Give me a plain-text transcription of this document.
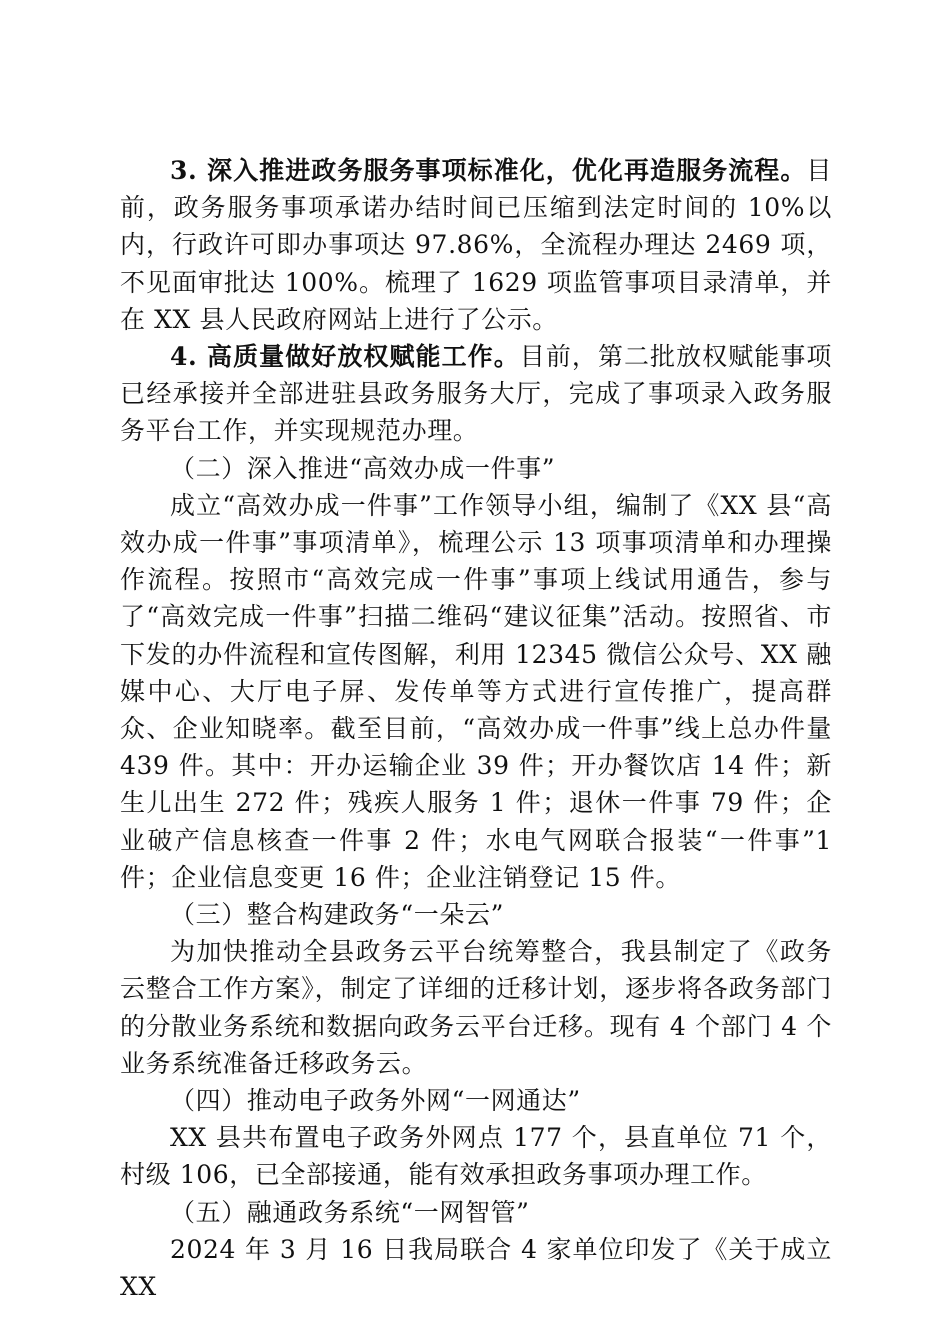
3. 深入推进政务服务事项标准化，优化再造服务流程。目前，政务服务事项承诺办结时间已压缩到法定时间的 10%以内，行政许可即办事项达 97.86%，全流程办理达 2469 项，不见面审批达 100%。梳理了 1629 项监管事项目录清单，并在 XX 县人民政府网站上进行了公示。

4. 高质量做好放权赋能工作。目前，第二批放权赋能事项已经承接并全部进驻县政务服务大厅，完成了事项录入政务服务平台工作，并实现规范办理。

（二）深入推进“高效办成一件事”

成立“高效办成一件事”工作领导小组，编制了《XX 县“高效办成一件事”事项清单》，梳理公示 13 项事项清单和办理操作流程。按照市“高效完成一件事”事项上线试用通告，参与了“高效完成一件事”扫描二维码“建议征集”活动。按照省、市下发的办件流程和宣传图解，利用 12345 微信公众号、XX 融媒中心、大厅电子屏、发传单等方式进行宣传推广，提高群众、企业知晓率。截至目前，“高效办成一件事”线上总办件量 439 件。其中：开办运输企业 39 件；开办餐饮店 14 件；新生儿出生 272 件；残疾人服务 1 件；退休一件事 79 件；企业破产信息核查一件事 2 件；水电气网联合报装“一件事”1 件；企业信息变更 16 件；企业注销登记 15 件。

（三）整合构建政务“一朵云”

为加快推动全县政务云平台统筹整合，我县制定了《政务云整合工作方案》，制定了详细的迁移计划，逐步将各政务部门的分散业务系统和数据向政务云平台迁移。现有 4 个部门 4 个业务系统准备迁移政务云。

（四）推动电子政务外网“一网通达”

XX 县共布置电子政务外网点 177 个，县直单位 71 个，村级 106，已全部接通，能有效承担政务事项办理工作。

（五）融通政务系统“一网智管”

2024 年 3 月 16 日我局联合 4 家单位印发了《关于成立 XX
